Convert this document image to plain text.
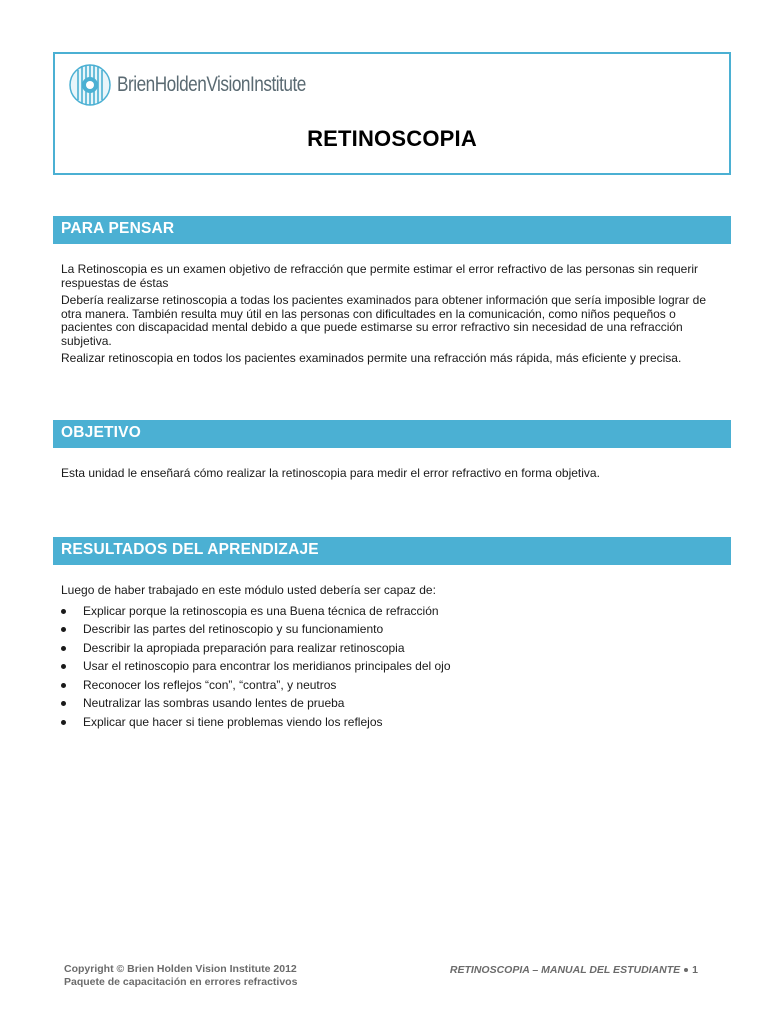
BrienHoldenVisionInstitute
RETINOSCOPIA
PARA PENSAR

La Retinoscopia es un examen objetivo de refracción que permite estimar el error refractivo de las personas sin requerir respuestas de éstas

Debería realizarse retinoscopia a todas los pacientes examinados para obtener información que sería imposible lograr de otra manera. También resulta muy útil en las personas con dificultades en la comunicación, como niños pequeños o pacientes con discapacidad mental debido a que puede estimarse su error refractivo sin necesidad de una refracción subjetiva.

Realizar retinoscopia en todos los pacientes examinados permite una refracción más rápida, más eficiente y precisa.

OBJETIVO

Esta unidad le enseñará cómo realizar la retinoscopia para medir el error refractivo en forma objetiva.

RESULTADOS DEL APRENDIZAJE

Luego de haber trabajado en este módulo usted debería ser capaz de:

Explicar porque la retinoscopia es una Buena técnica de refracción
Describir las partes del retinoscopio y su funcionamiento
Describir la apropiada preparación para realizar retinoscopia
Usar el retinoscopio para encontrar los meridianos principales del ojo
Reconocer los reflejos “con”, “contra”, y neutros
Neutralizar las sombras usando lentes de prueba
Explicar que hacer si tiene problemas viendo los reflejos
Copyright © Brien Holden Vision Institute 2012
Paquete de capacitación en errores refractivos
RETINOSCOPIA – MANUAL DEL ESTUDIANTE 1
